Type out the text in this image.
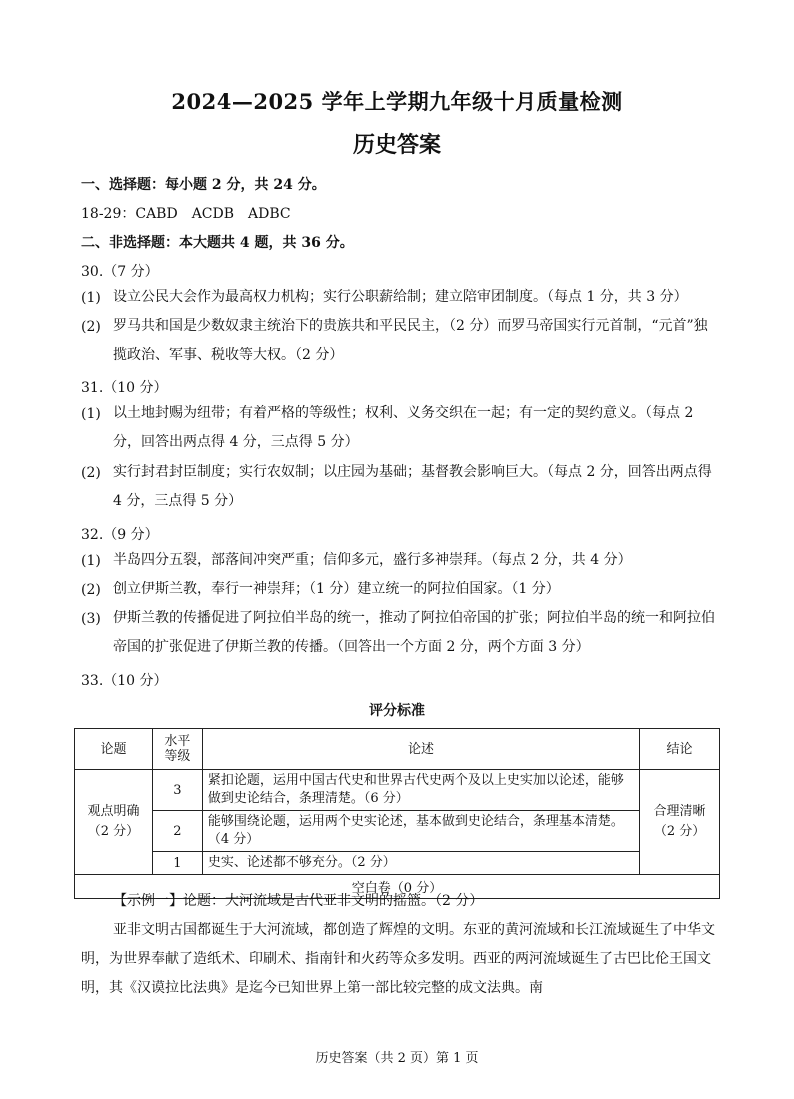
2024—2025 学年上学期九年级十月质量检测
历史答案
一、选择题：每小题 2 分，共 24 分。
18-29：CABD　ACDB　ADBC
二、非选择题：本大题共 4 题，共 36 分。
30.（7 分）
(1) 设立公民大会作为最高权力机构；实行公职薪给制；建立陪审团制度。（每点 1 分，共 3 分）
(2) 罗马共和国是少数奴隶主统治下的贵族共和平民民主，（2 分）而罗马帝国实行元首制，“元首”独揽政治、军事、税收等大权。（2 分）
31.（10 分）
(1) 以土地封赐为纽带；有着严格的等级性；权利、义务交织在一起；有一定的契约意义。（每点 2 分，回答出两点得 4 分，三点得 5 分）
(2) 实行封君封臣制度；实行农奴制；以庄园为基础；基督教会影响巨大。（每点 2 分，回答出两点得 4 分，三点得 5 分）
32.（9 分）
(1) 半岛四分五裂，部落间冲突严重；信仰多元，盛行多神崇拜。（每点 2 分，共 4 分）
(2) 创立伊斯兰教，奉行一神崇拜；（1 分）建立统一的阿拉伯国家。（1 分）
(3) 伊斯兰教的传播促进了阿拉伯半岛的统一，推动了阿拉伯帝国的扩张；阿拉伯半岛的统一和阿拉伯帝国的扩张促进了伊斯兰教的传播。（回答出一个方面 2 分，两个方面 3 分）
33.（10 分）
评分标准
论题	水平等级	论述	结论
观点明确（2 分）	3	紧扣论题，运用中国古代史和世界古代史两个及以上史实加以论述，能够做到史论结合，条理清楚。（6 分）	合理清晰（2 分）
	2	能够围绕论题，运用两个史实论述，基本做到史论结合，条理基本清楚。（4 分）	
	1	史实、论述都不够充分。（2 分）	
空白卷（0 分）			
【示例一】论题：大河流域是古代亚非文明的摇篮。（2 分）
亚非文明古国都诞生于大河流域，都创造了辉煌的文明。东亚的黄河流域和长江流域诞生了中华文明，为世界奉献了造纸术、印刷术、指南针和火药等众多发明。西亚的两河流域诞生了古巴比伦王国文明，其《汉谟拉比法典》是迄今已知世界上第一部比较完整的成文法典。南
历史答案（共 2 页）第 1 页
